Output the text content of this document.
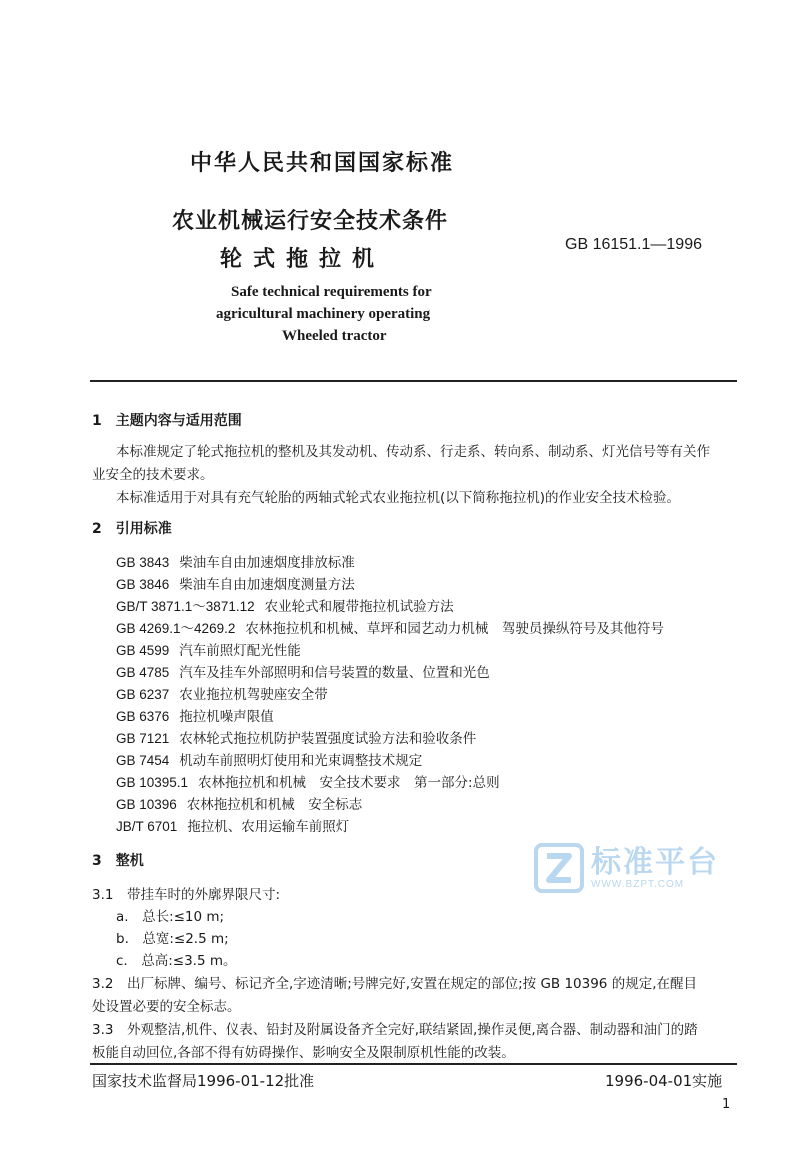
中华人民共和国国家标准
农业机械运行安全技术条件
轮式拖拉机
GB 16151.1—1996
Safe technical requirements for
agricultural machinery operating
Wheeled tractor
1　主题内容与适用范围
本标准规定了轮式拖拉机的整机及其发动机、传动系、行走系、转向系、制动系、灯光信号等有关作
业安全的技术要求。
本标准适用于对具有充气轮胎的两轴式轮式农业拖拉机(以下简称拖拉机)的作业安全技术检验。
2　引用标准
GB 3843 柴油车自由加速烟度排放标准
GB 3846 柴油车自由加速烟度测量方法
GB/T 3871.1～3871.12 农业轮式和履带拖拉机试验方法
GB 4269.1～4269.2 农林拖拉机和机械、草坪和园艺动力机械　驾驶员操纵符号及其他符号
GB 4599 汽车前照灯配光性能
GB 4785 汽车及挂车外部照明和信号装置的数量、位置和光色
GB 6237 农业拖拉机驾驶座安全带
GB 6376 拖拉机噪声限值
GB 7121 农林轮式拖拉机防护装置强度试验方法和验收条件
GB 7454 机动车前照明灯使用和光束调整技术规定
GB 10395.1 农林拖拉机和机械　安全技术要求　第一部分:总则
GB 10396 农林拖拉机和机械　安全标志
JB/T 6701 拖拉机、农用运输车前照灯
3　整机
3.1　带挂车时的外廓界限尺寸:
a.　总长:≤10 m;
b.　总宽:≤2.5 m;
c.　总高:≤3.5 m。
3.2　出厂标牌、编号、标记齐全,字迹清晰;号牌完好,安置在规定的部位;按 GB 10396 的规定,在醒目
处设置必要的安全标志。
3.3　外观整洁,机件、仪表、铅封及附属设备齐全完好,联结紧固,操作灵便,离合器、制动器和油门的踏
板能自动回位,各部不得有妨碍操作、影响安全及限制原机性能的改装。
标准平台
WWW.BZPT.COM
国家技术监督局1996-01-12批准	1996-04-01实施
1
